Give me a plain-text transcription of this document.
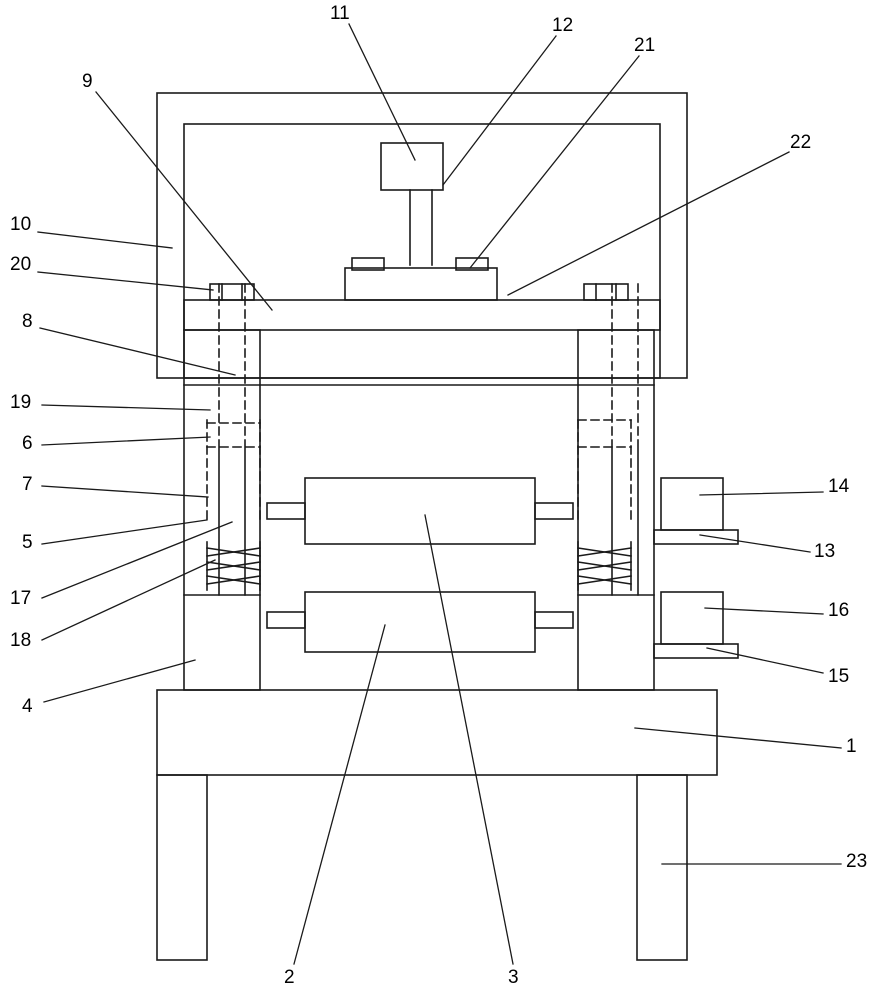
11
12
21
9
22
10
20
8
19
6
7
5
17
18
4
14
13
16
15
1
23
2	3
